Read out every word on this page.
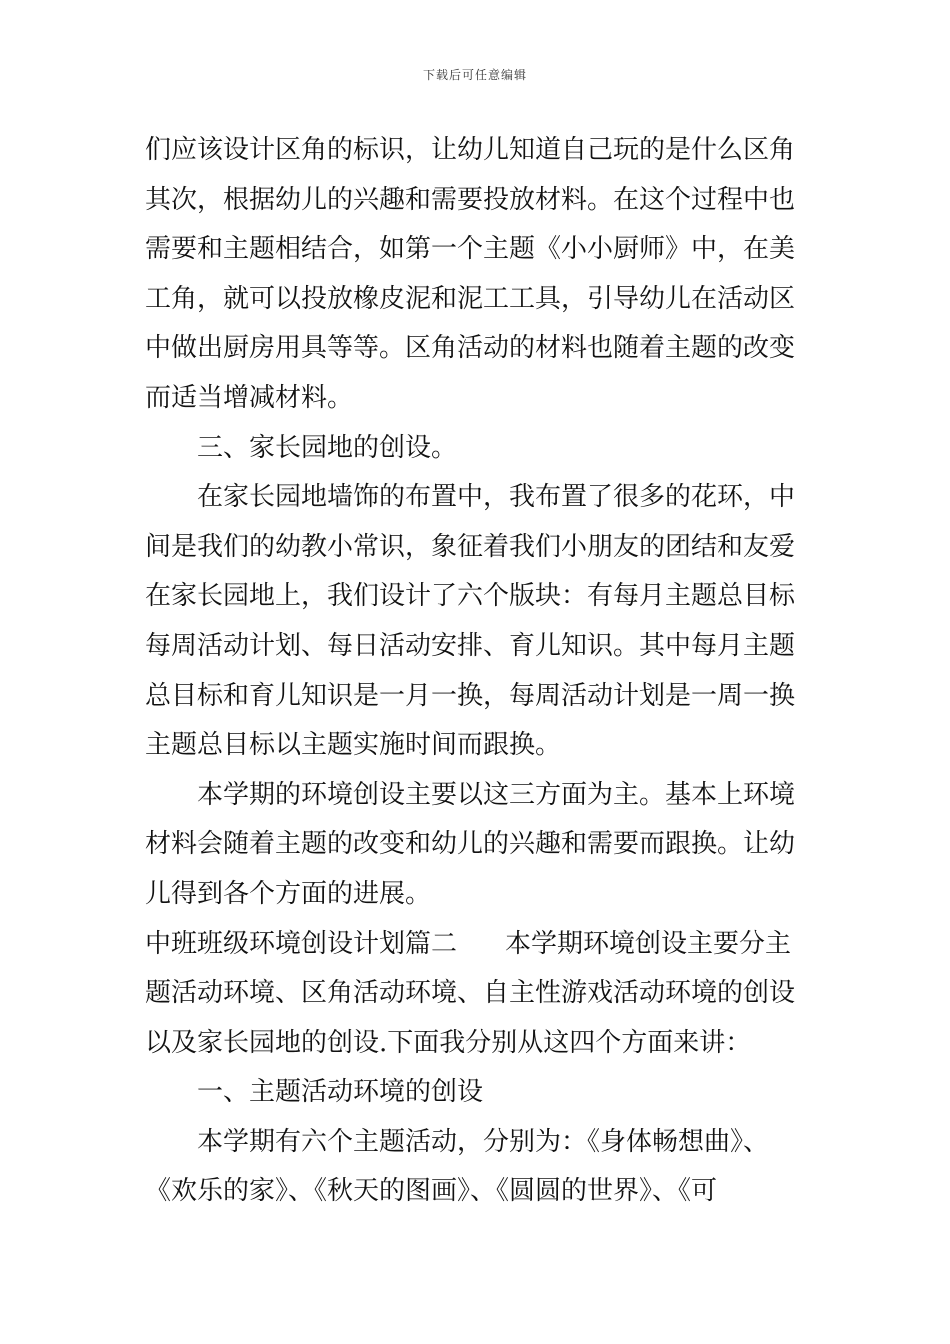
下载后可任意编辑
们应该设计区角的标识，让幼儿知道自己玩的是什么区角
其次，根据幼儿的兴趣和需要投放材料。在这个过程中也
需要和主题相结合，如第一个主题《小小厨师》中，在美
工角，就可以投放橡皮泥和泥工工具，引导幼儿在活动区
中做出厨房用具等等。区角活动的材料也随着主题的改变
而适当增减材料。
三、家长园地的创设。
在家长园地墙饰的布置中，我布置了很多的花环，中
间是我们的幼教小常识，象征着我们小朋友的团结和友爱
在家长园地上，我们设计了六个版块：有每月主题总目标
每周活动计划、每日活动安排、育儿知识。其中每月主题
总目标和育儿知识是一月一换，每周活动计划是一周一换
主题总目标以主题实施时间而跟换。
本学期的环境创设主要以这三方面为主。基本上环境
材料会随着主题的改变和幼儿的兴趣和需要而跟换。让幼
儿得到各个方面的进展。
中班班级环境创设计划篇二 本学期环境创设主要分主
题活动环境、区角活动环境、自主性游戏活动环境的创设
以及家长园地的创设.下面我分别从这四个方面来讲：
一、主题活动环境的创设
本学期有六个主题活动，分别为：《身体畅想曲》、
《欢乐的家》、《秋天的图画》、《圆圆的世界》、《可
